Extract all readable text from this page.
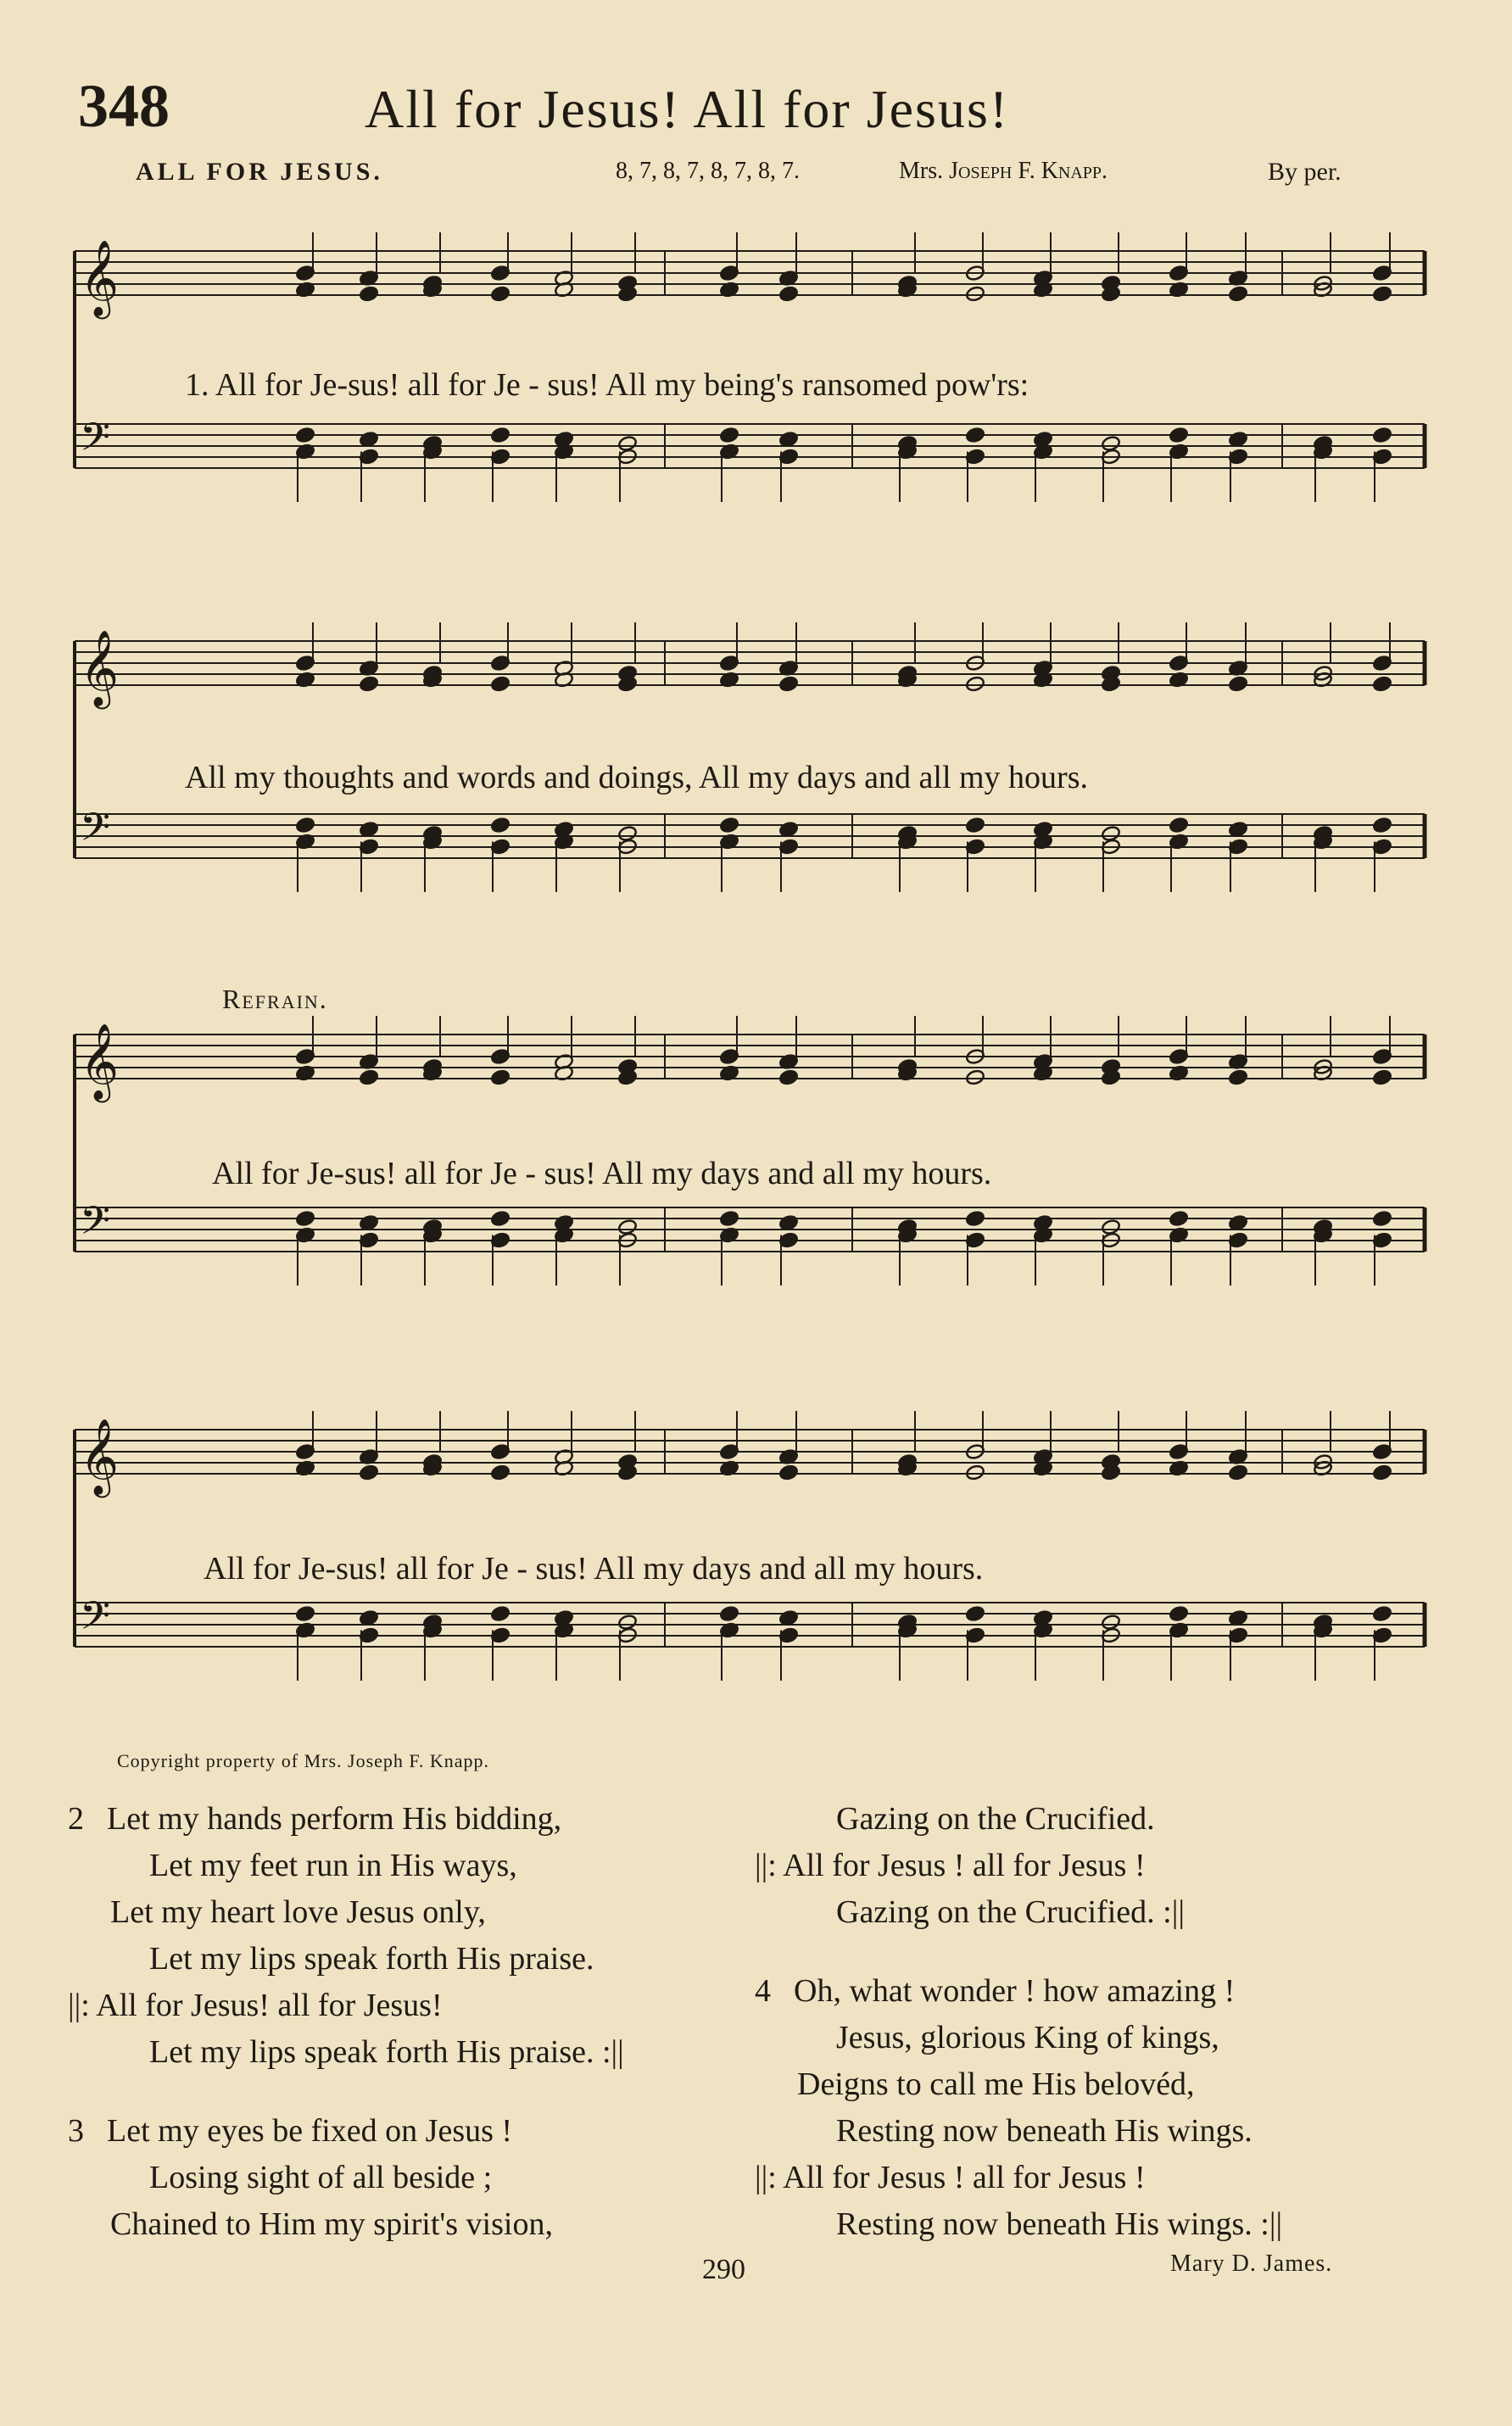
348	All for Jesus! All for Jesus!
ALL FOR JESUS.	8, 7, 8, 7, 8, 7, 8, 7.	Mrs. Joseph F. Knapp.	By per.
𝄞
𝄢
1. All for Je-sus! all for Je - sus! All my being's ransomed pow'rs:
𝄞
𝄢
All my thoughts and words and doings, All my days and all my hours.
Refrain.
𝄞
𝄢
All for Je-sus! all for Je - sus! All my days and all my hours.
𝄞
𝄢
All for Je-sus! all for Je - sus! All my days and all my hours.
Copyright property of Mrs. Joseph F. Knapp.
2 Let my hands perform His bidding,
Let my feet run in His ways,
Let my heart love Jesus only,
Let my lips speak forth His praise.
||: All for Jesus! all for Jesus!
Let my lips speak forth His praise. :||
3 Let my eyes be fixed on Jesus !
Losing sight of all beside ;
Chained to Him my spirit's vision,
Gazing on the Crucified.
||: All for Jesus ! all for Jesus !
Gazing on the Crucified. :||
4 Oh, what wonder ! how amazing !
Jesus, glorious King of kings,
Deigns to call me His belovéd,
Resting now beneath His wings.
||: All for Jesus ! all for Jesus !
Resting now beneath His wings. :||
290	Mary D. James.
